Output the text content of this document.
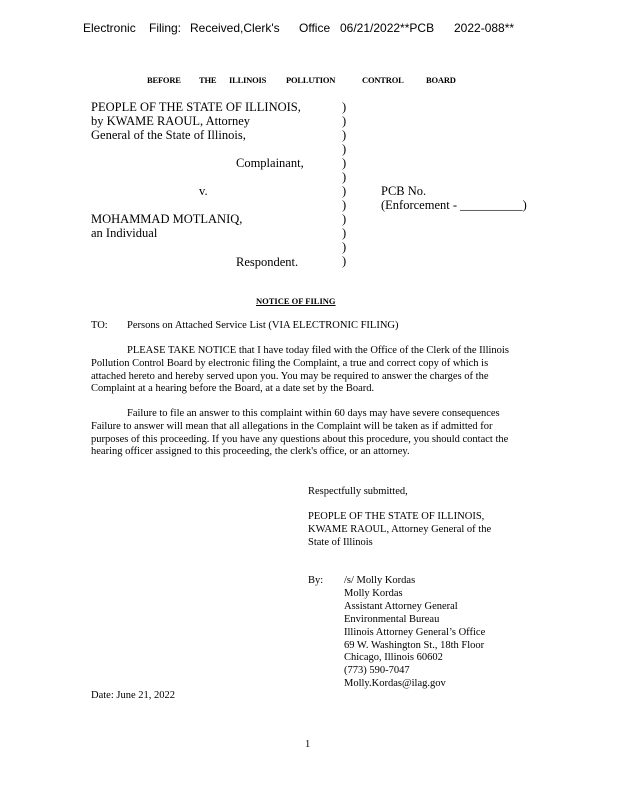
Electronic Filing: Received,Clerk's Office 06/21/2022**PCB 2022-088**
BEFORE THE ILLINOIS POLLUTION	CONTROL	BOARD
PEOPLE OF THE STATE OF ILLINOIS,
by KWAME RAOUL, Attorney
General of the State of Illinois,
Complainant,
v.
MOHAMMAD MOTLANIQ,
an Individual
Respondent.
)
)
)
)
)
)
)
)
)
)
)
)
PCB No.
(Enforcement - __________)
NOTICE OF FILING
TO: Persons on Attached Service List (VIA ELECTRONIC FILING)
PLEASE TAKE NOTICE that I have today filed with the Office of the Clerk of the Illinois
Pollution Control Board by electronic filing the Complaint, a true and correct copy of which is
attached hereto and hereby served upon you. You may be required to answer the charges of the
Complaint at a hearing before the Board, at a date set by the Board.
Failure to file an answer to this complaint within 60 days may have severe consequences
Failure to answer will mean that all allegations in the Complaint will be taken as if admitted for
purposes of this proceeding. If you have any questions about this procedure, you should contact the
hearing officer assigned to this proceeding, the clerk's office, or an attorney.
Respectfully submitted,
PEOPLE OF THE STATE OF ILLINOIS,
KWAME RAOUL, Attorney General of the
State of Illinois
By: /s/ Molly Kordas
Molly Kordas
Assistant Attorney General
Environmental Bureau
Illinois Attorney General’s Office
69 W. Washington St., 18th Floor
Chicago, Illinois 60602
(773) 590-7047
Molly.Kordas@ilag.gov
Date: June 21, 2022
1
